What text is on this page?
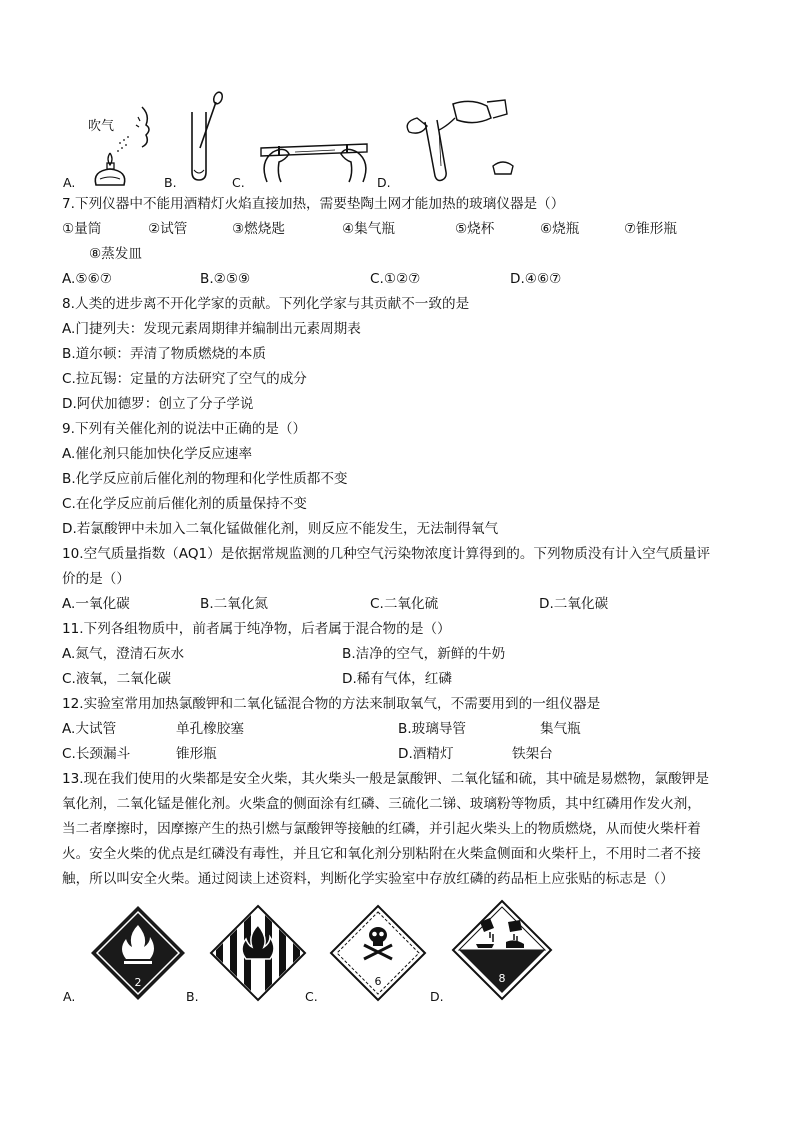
吹气
A.	B.	C.	D.
7.下列仪器中不能用酒精灯火焰直接加热，需要垫陶土网才能加热的玻璃仪器是（）
①量筒	②试管	③燃烧匙	④集气瓶	⑤烧杯	⑥烧瓶	⑦锥形瓶
⑧蒸发皿
A.⑤⑥⑦	B.②⑤⑨	C.①②⑦	D.④⑥⑦
8.人类的进步离不开化学家的贡献。下列化学家与其贡献不一致的是
A.门捷列夫：发现元素周期律并编制出元素周期表
B.道尔顿：弄清了物质燃烧的本质
C.拉瓦锡：定量的方法研究了空气的成分
D.阿伏加德罗：创立了分子学说
9.下列有关催化剂的说法中正确的是（）
A.催化剂只能加快化学反应速率
B.化学反应前后催化剂的物理和化学性质都不变
C.在化学反应前后催化剂的质量保持不变
D.若氯酸钾中未加入二氧化锰做催化剂，则反应不能发生，无法制得氧气
10.空气质量指数（AQ1）是依据常规监测的几种空气污染物浓度计算得到的。下列物质没有计入空气质量评
价的是（）
A.一氧化碳	B.二氧化氮	C.二氧化硫	D.二氧化碳
11.下列各组物质中，前者属于纯净物，后者属于混合物的是（）
A.氮气，澄清石灰水	B.洁净的空气，新鲜的牛奶
C.液氧，二氧化碳	D.稀有气体，红磷
12.实验室常用加热氯酸钾和二氧化锰混合物的方法来制取氧气，不需要用到的一组仪器是
A.大试管	单孔橡胶塞	B.玻璃导管	集气瓶
C.长颈漏斗	锥形瓶	D.酒精灯	铁架台
13.现在我们使用的火柴都是安全火柴，其火柴头一般是氯酸钾、二氧化锰和硫，其中硫是易燃物，氯酸钾是
氧化剂，二氧化锰是催化剂。火柴盒的侧面涂有红磷、三硫化二锑、玻璃粉等物质，其中红磷用作发火剂，
当二者摩擦时，因摩擦产生的热引燃与氯酸钾等接触的红磷，并引起火柴头上的物质燃烧，从而使火柴杆着
火。安全火柴的优点是红磷没有毒性，并且它和氧化剂分别粘附在火柴盒侧面和火柴杆上，不用时二者不接
触，所以叫安全火柴。通过阅读上述资料，判断化学实验室中存放红磷的药品柜上应张贴的标志是（）
2	4	6	8
A.	B.	C.	D.
